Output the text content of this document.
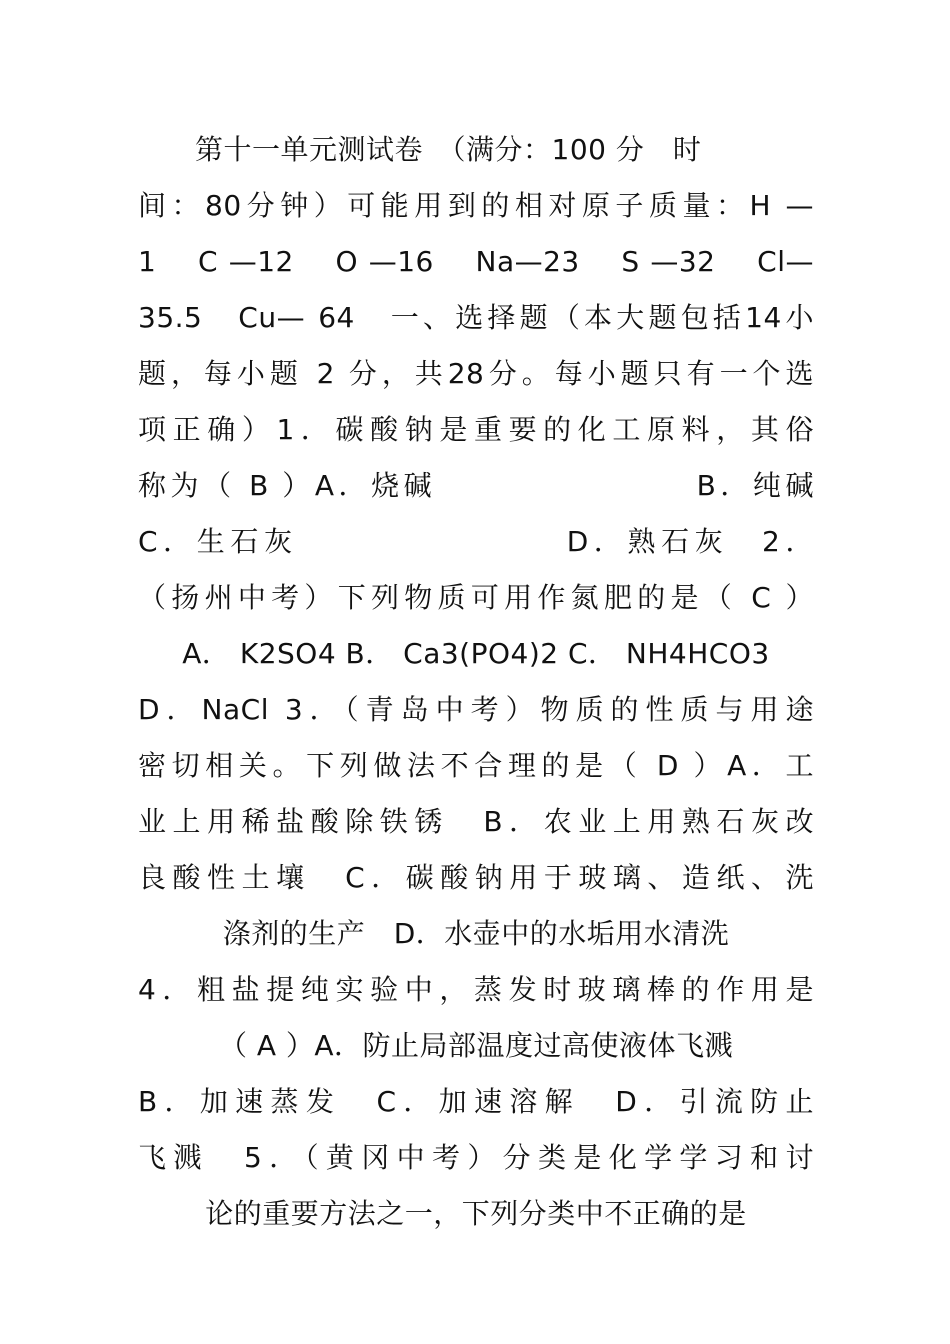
　　第十一单元测试卷　（满分：100 分　时
间：80分钟）可能用到的相对原子质量：H —
1　 C —12　 O —16　 Na—23　 S —32　 Cl—
35.5　Cu— 64　一、选择题（本大题包括14小
题，每小题 2 分，共28分。每小题只有一个选
项正确）1．碳酸钠是重要的化工原料，其俗
称为（ B ）A．烧碱　　　　　　　　B．纯碱
C．生石灰　　　　　　　　D．熟石灰　2．
（扬州中考）下列物质可用作氮肥的是（ C ）
A． K2SO4 B． Ca3(PO4)2 C． NH4HCO3
D．NaCl 3．（青岛中考）物质的性质与用途
密切相关。下列做法不合理的是（ D ）A．工
业上用稀盐酸除铁锈　B．农业上用熟石灰改
良酸性土壤　C．碳酸钠用于玻璃、造纸、洗
涤剂的生产　D．水壶中的水垢用水清洗
4．粗盐提纯实验中，蒸发时玻璃棒的作用是
（ A ）A．防止局部温度过高使液体飞溅
B．加速蒸发　C．加速溶解　D．引流防止
飞溅　5．（黄冈中考）分类是化学学习和讨
论的重要方法之一，下列分类中不正确的是
